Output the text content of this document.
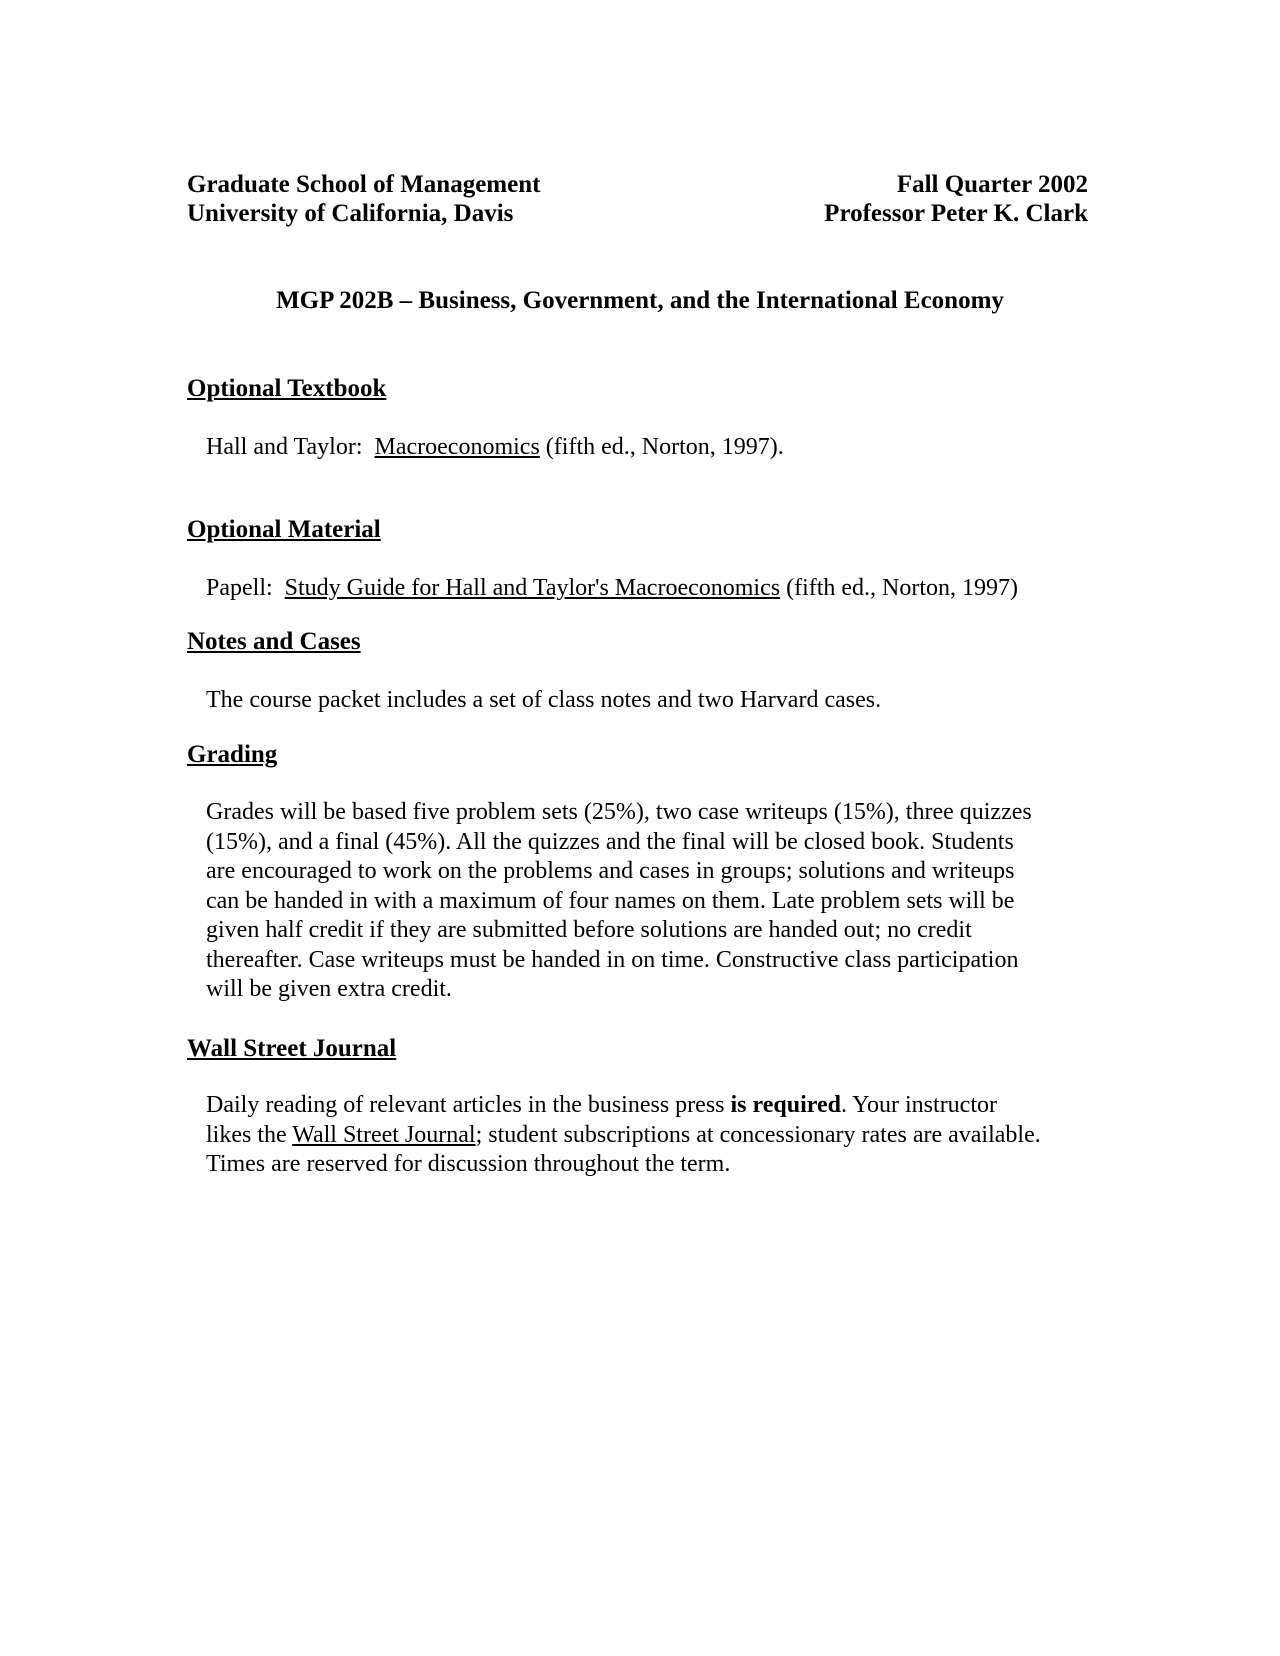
Graduate School of Management
University of California, Davis
Fall Quarter 2002
Professor Peter K. Clark
MGP 202B – Business, Government, and the International Economy
Optional Textbook
Hall and Taylor: Macroeconomics (fifth ed., Norton, 1997).
Optional Material
Papell: Study Guide for Hall and Taylor's Macroeconomics (fifth ed., Norton, 1997)
Notes and Cases
The course packet includes a set of class notes and two Harvard cases.
Grading
Grades will be based five problem sets (25%), two case writeups (15%), three quizzes
(15%), and a final (45%). All the quizzes and the final will be closed book. Students
are encouraged to work on the problems and cases in groups; solutions and writeups
can be handed in with a maximum of four names on them. Late problem sets will be
given half credit if they are submitted before solutions are handed out; no credit
thereafter. Case writeups must be handed in on time. Constructive class participation
will be given extra credit.
Wall Street Journal
Daily reading of relevant articles in the business press is required. Your instructor
likes the Wall Street Journal; student subscriptions at concessionary rates are available.
Times are reserved for discussion throughout the term.
